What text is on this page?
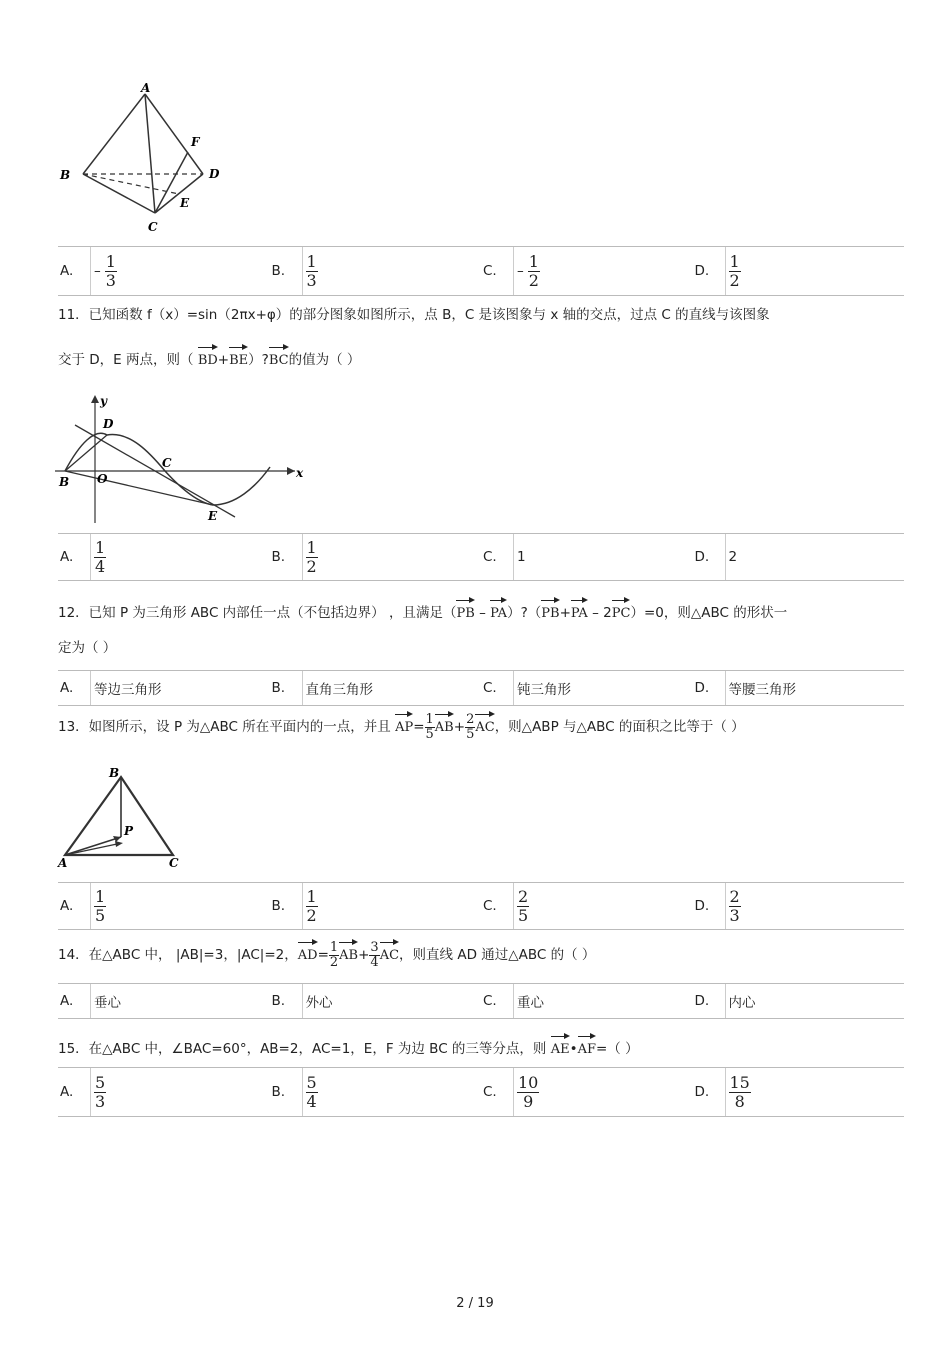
A
B
C
D
E
F
A.	– $\frac{1}{3}$	B.	$\frac{1}{3}$	C.	– $\frac{1}{2}$	D.	$\frac{1}{2}$
11．已知函数 f（x）=sin（2πx+φ）的部分图象如图所示，点 B，C 是该图象与 x 轴的交点，过点 C 的直线与该图象
交于 D，E 两点，则（ BD+BE）?BC的值为（ ）
y
x
D
C
B O
E
A.	$\frac{1}{4}$	B.	$\frac{1}{2}$	C.	1	D.	2
12．已知 P 为三角形 ABC 内部任一点（不包括边界） ，且满足（PB – PA）?（PB+PA – 2PC）=0，则△ABC 的形状一
定为（ ）
A.	等边三角形	B.	直角三角形	C.	钝三角形	D.	等腰三角形
13．如图所示，设 P 为△ABC 所在平面内的一点，并且 $AP= \frac{1}{5} AB+ \frac{2}{5}$ AC，则△ABP 与△ABC 的面积之比等于（ ）
B
P
A	C
A.	$\frac{1}{5}$	B.	$\frac{1}{2}$	C.	$\frac{2}{5}$	D.	$\frac{2}{3}$
14．在△ABC 中， |AB|=3，|AC|=2，$AD= \frac{1}{2} AB+ \frac{3}{4}$ AC，则直线 AD 通过△ABC 的（ ）
A.	垂心	B.	外心	C.	重心	D.	内心
15．在△ABC 中，∠BAC=60°，AB=2，AC=1，E，F 为边 BC 的三等分点，则 AE•AF=（ ）
A.	$\frac{5}{3}$	B.	$\frac{5}{4}$	C.	$\frac{10}{9}$	D.	$\frac{15}{8}$
2 / 19
